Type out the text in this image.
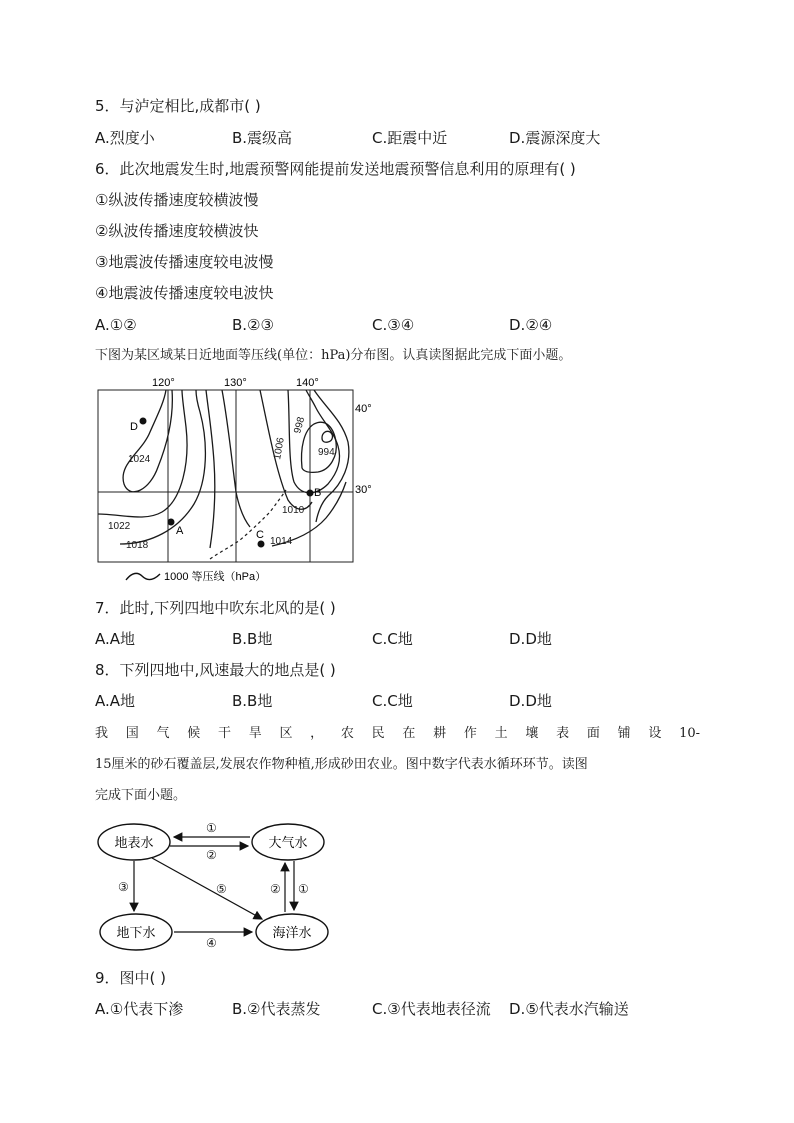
5．与泸定相比,成都市( )
A.烈度小	B.震级高	C.距震中近	D.震源深度大
6．此次地震发生时,地震预警网能提前发送地震预警信息利用的原理有( )
①纵波传播速度较横波慢
②纵波传播速度较横波快
③地震波传播速度较电波慢
④地震波传播速度较电波快
A.①②	B.②③	C.③④	D.②④
下图为某区域某日近地面等压线(单位：hPa)分布图。认真读图据此完成下面小题。
120°	130°	140°
40°
30°
1024
1022
1018
1006
998
994
1010
1014
D
A
B
C
1000 等压线（hPa）
7．此时,下列四地中吹东北风的是( )
A.A地	B.B地	C.C地	D.D地
8．下列四地中,风速最大的地点是( )
A.A地	B.B地	C.C地	D.D地
我国气候干旱区，农民在耕作土壤表面铺设10-
15厘米的砂石覆盖层,发展农作物种植,形成砂田农业。图中数字代表水循环环节。读图
完成下面小题。
地表水	大气水
地下水	海洋水
①
②
③	⑤	② ①
④
9．图中( )
A.①代表下渗	B.②代表蒸发	C.③代表地表径流 D.⑤代表水汽输送
